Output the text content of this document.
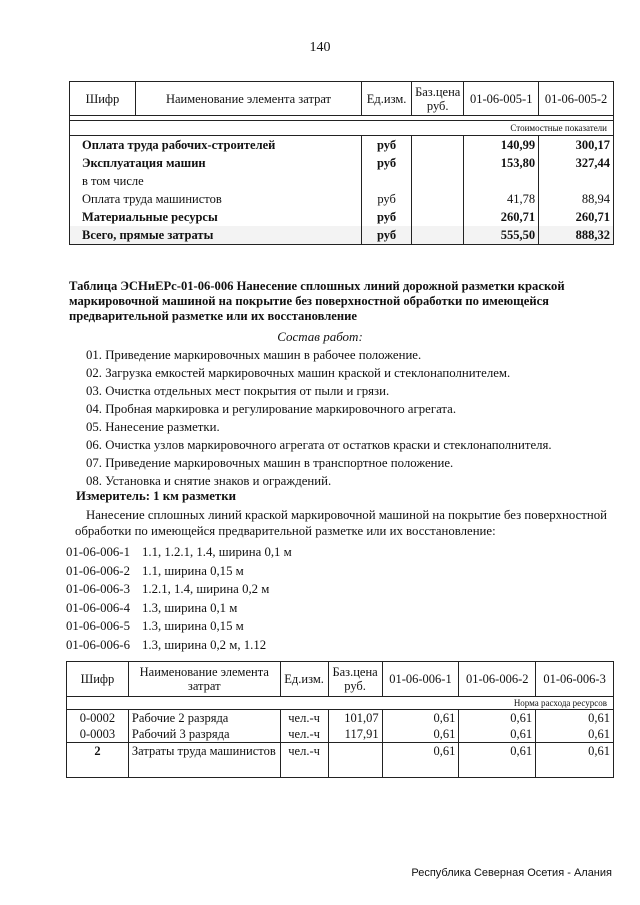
140
Шифр	Наименование элемента затрат	Ед.изм.	Баз.цена руб.	01-06-005-1	01-06-005-2

Стоимостные показатели					
Оплата труда рабочих-строителей		руб		140,99	300,17
Эксплуатация машин		руб		153,80	327,44
в том числе					
Оплата труда машинистов		руб		41,78	88,94
Материальные ресурсы		руб		260,71	260,71
Всего, прямые затраты		руб		555,50	888,32
Таблица ЭСНиЕРс-01-06-006 Нанесение сплошных линий дорожной разметки краской маркировочной машиной на покрытие без поверхностной обработки по имеющейся предварительной разметке или их восстановление
Состав работ:
01. Приведение маркировочных машин в рабочее положение.
02. Загрузка емкостей маркировочных машин краской и стеклонаполнителем.
03. Очистка отдельных мест покрытия от пыли и грязи.
04. Пробная маркировка и регулирование маркировочного агрегата.
05. Нанесение разметки.
06. Очистка узлов маркировочного агрегата от остатков краски и стеклонаполнителя.
07. Приведение маркировочных машин в транспортное положение.
08. Установка и снятие знаков и ограждений.
Измеритель: 1 км разметки
Нанесение сплошных линий краской маркировочной машиной на покрытие без поверхностной
обработки по имеющейся предварительной разметке или их восстановление:
01-06-006-1 1.1, 1.2.1, 1.4, ширина 0,1 м
01-06-006-2 1.1, ширина 0,15 м
01-06-006-3 1.2.1, 1.4, ширина 0,2 м
01-06-006-4 1.3, ширина 0,1 м
01-06-006-5 1.3, ширина 0,15 м
01-06-006-6 1.3, ширина 0,2 м, 1.12
Шифр	Наименование элемента затрат	Ед.изм.	Баз.цена руб.	01-06-006-1	01-06-006-2	01-06-006-3
Норма расхода ресурсов						
0-0002	Рабочие 2 разряда	чел.-ч	101,07	0,61	0,61	0,61
0-0003	Рабочий 3 разряда	чел.-ч	117,91	0,61	0,61	0,61
2	Затраты труда машинистов	чел.-ч		0,61	0,61	0,61
Республика Северная Осетия - Алания
